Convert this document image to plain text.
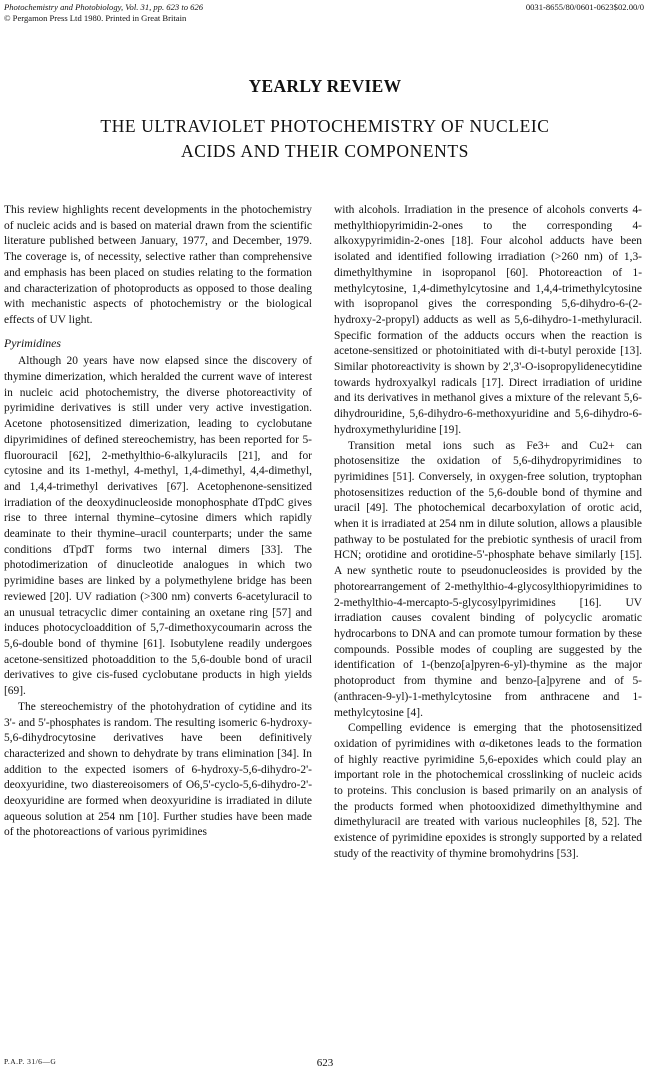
Photochemistry and Photobiology, Vol. 31, pp. 623 to 626
© Pergamon Press Ltd 1980. Printed in Great Britain
0031-8655/80/0601-0623$02.00/0
YEARLY REVIEW
THE ULTRAVIOLET PHOTOCHEMISTRY OF NUCLEIC
ACIDS AND THEIR COMPONENTS

This review highlights recent developments in the photochemistry of nucleic acids and is based on material drawn from the scientific literature published between January, 1977, and December, 1979. The coverage is, of necessity, selective rather than comprehensive and emphasis has been placed on studies relating to the formation and characterization of photoproducts as opposed to those dealing with mechanistic aspects of photochemistry or the biological effects of UV light.

Pyrimidines

Although 20 years have now elapsed since the discovery of thymine dimerization, which heralded the current wave of interest in nucleic acid photochemistry, the diverse photoreactivity of pyrimidine derivatives is still under very active investigation. Acetone photosensitized dimerization, leading to cyclobutane dipyrimidines of defined stereochemistry, has been reported for 5-fluorouracil [62], 2-methylthio-6-alkyluracils [21], and for cytosine and its 1-methyl, 4-methyl, 1,4-dimethyl, 4,4-dimethyl, and 1,4,4-trimethyl derivatives [67]. Acetophenone-sensitized irradiation of the deoxydinucleoside monophosphate dTpdC gives rise to three internal thymine–cytosine dimers which rapidly deaminate to their thymine–uracil counterparts; under the same conditions dTpdT forms two internal dimers [33]. The photodimerization of dinucleotide analogues in which two pyrimidine bases are linked by a polymethylene bridge has been reviewed [20]. UV radiation (>300 nm) converts 6-acetyluracil to an unusual tetracyclic dimer containing an oxetane ring [57] and induces photocycloaddition of 5,7-dimethoxycoumarin across the 5,6-double bond of thymine [61]. Isobutylene readily undergoes acetone-sensitized photoaddition to the 5,6-double bond of uracil derivatives to give cis-fused cyclobutane products in high yields [69].

The stereochemistry of the photohydration of cytidine and its 3'- and 5'-phosphates is random. The resulting isomeric 6-hydroxy-5,6-dihydrocytosine derivatives have been definitively characterized and shown to dehydrate by trans elimination [34]. In addition to the expected isomers of 6-hydroxy-5,6-dihydro-2'-deoxyuridine, two diastereoisomers of O6,5'-cyclo-5,6-dihydro-2'-deoxyuridine are formed when deoxyuridine is irradiated in dilute aqueous solution at 254 nm [10]. Further studies have been made of the photoreactions of various pyrimidines

with alcohols. Irradiation in the presence of alcohols converts 4-methylthiopyrimidin-2-ones to the corresponding 4-alkoxypyrimidin-2-ones [18]. Four alcohol adducts have been isolated and identified following irradiation (>260 nm) of 1,3-dimethylthymine in isopropanol [60]. Photoreaction of 1-methylcytosine, 1,4-dimethylcytosine and 1,4,4-trimethylcytosine with isopropanol gives the corresponding 5,6-dihydro-6-(2-hydroxy-2-propyl) adducts as well as 5,6-dihydro-1-methyluracil. Specific formation of the adducts occurs when the reaction is acetone-sensitized or photoinitiated with di-t-butyl peroxide [13]. Similar photoreactivity is shown by 2',3'-O-isopropylidenecytidine towards hydroxyalkyl radicals [17]. Direct irradiation of uridine and its derivatives in methanol gives a mixture of the relevant 5,6-dihydrouridine, 5,6-dihydro-6-methoxyuridine and 5,6-dihydro-6-hydroxymethyluridine [19].

Transition metal ions such as Fe3+ and Cu2+ can photosensitize the oxidation of 5,6-dihydropyrimidines to pyrimidines [51]. Conversely, in oxygen-free solution, tryptophan photosensitizes reduction of the 5,6-double bond of thymine and uracil [49]. The photochemical decarboxylation of orotic acid, when it is irradiated at 254 nm in dilute solution, allows a plausible pathway to be postulated for the prebiotic synthesis of uracil from HCN; orotidine and orotidine-5'-phosphate behave similarly [15]. A new synthetic route to pseudonucleosides is provided by the photorearrangement of 2-methylthio-4-glycosylthiopyrimidines to 2-methylthio-4-mercapto-5-glycosylpyrimidines [16]. UV irradiation causes covalent binding of polycyclic aromatic hydrocarbons to DNA and can promote tumour formation by these compounds. Possible modes of coupling are suggested by the identification of 1-(benzo[a]pyren-6-yl)-thymine as the major photoproduct from thymine and benzo-[a]pyrene and of 5-(anthracen-9-yl)-1-methylcytosine from anthracene and 1-methylcytosine [4].

Compelling evidence is emerging that the photosensitized oxidation of pyrimidines with α-diketones leads to the formation of highly reactive pyrimidine 5,6-epoxides which could play an important role in the photochemical crosslinking of nucleic acids to proteins. This conclusion is based primarily on an analysis of the products formed when photooxidized dimethylthymine and dimethyluracil are treated with various nucleophiles [8, 52]. The existence of pyrimidine epoxides is strongly supported by a related study of the reactivity of thymine bromohydrins [53].

P.A.P. 31/6—G	623
